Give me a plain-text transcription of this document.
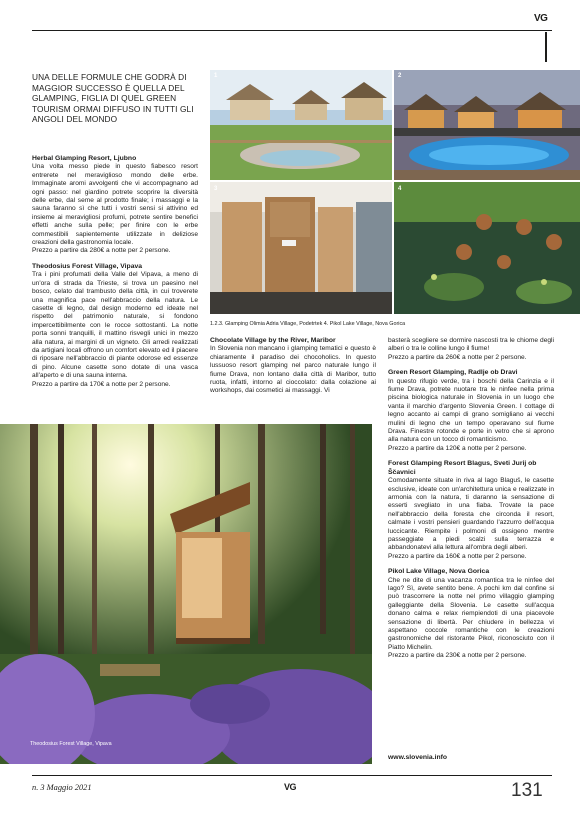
VG
UNA DELLE FORMULE CHE GODRÀ DI MAGGIOR SUCCESSO È QUELLA DEL GLAMPING, FIGLIA DI QUEL GREEN TOURISM ORMAI DIFFUSO IN TUTTI GLI ANGOLI DEL MONDO
Herbal Glamping Resort, Ljubno

Una volta messo piede in questo fiabesco resort entrerete nel meraviglioso mondo delle erbe. Immaginate aromi avvolgenti che vi accompagnano ad ogni passo: nel giardino potrete scoprire la diversità delle erbe, dal seme al prodotto finale; i massaggi e la sauna faranno sì che tutti i vostri sensi si attivino ed insieme ai meravigliosi profumi, potrete sentire benefici effetti anche sulla pelle; per finire con le erbe commestibili sapientemente utilizzate in deliziose creazioni della gastronomia locale.

Prezzo a partire da 280€ a notte per 2 persone.

Theodosius Forest Village, Vipava

Tra i pini profumati della Valle del Vipava, a meno di un'ora di strada da Trieste, si trova un paesino nel bosco, celato dal trambusto della città, in cui troverete una magnifica pace nell'abbraccio della natura. Le casette di legno, dal design moderno ed ideate nel rispetto del patrimonio naturale, si fondono impercettibilmente con le rocce sottostanti. La notte porta sonni tranquilli, il mattino risvegli unici in mezzo alla natura, ai margini di un vigneto. Gli arredi realizzati da artigiani locali offrono un comfort elevato ed il piacere di riposare nell'abbraccio di piante odorose ed essenze di pino. Alcune casette sono dotate di una vasca all'aperto e di una sauna interna.

Prezzo a partire da 170€ a notte per 2 persone.

1	2
3	4
1.2.3. Glamping Olimia Adria Village, Podetrtek 4. Pikol Lake Village, Nova Gorica
Chocolate Village by the River, Maribor

In Slovenia non mancano i glamping tematici e questo è chiaramente il paradiso dei chocoholics. In questo lussuoso resort glamping nel parco naturale lungo il fiume Drava, non lontano dalla città di Maribor, tutto ruota, infatti, intorno al cioccolato: dalla colazione ai workshops, dai cosmetici ai massaggi. Vi

basterà scegliere se dormire nascosti tra le chiome degli alberi o tra le colline lungo il fiume!

Prezzo a partire da 260€ a notte per 2 persone.

Green Resort Glamping, Radlje ob Dravi

In questo rifugio verde, tra i boschi della Carinzia e il fiume Drava, potrete nuotare tra le ninfee nella prima piscina biologica naturale in Slovenia in un luogo che vanta il marchio d'argento Slovenia Green. I cottage di legno accanto ai campi di grano somigliano ai vecchi mulini di legno che un tempo operavano sul fiume Drava. Finestre rotonde e porte in vetro che si aprono alla natura con un tocco di romanticismo.

Prezzo a partire da 120€ a notte per 2 persone.

Forest Glamping Resort Blagus, Sveti Jurij ob Ščavnici

Comodamente situate in riva al lago Blaguš, le casette esclusive, ideate con un'architettura unica e realizzate in armonia con la natura, ti daranno la sensazione di esserti svegliato in una fiaba. Trovate la pace nell'abbraccio della foresta che circonda il resort, calmate i vostri pensieri guardando l'azzurro dell'acqua luccicante. Riempite i polmoni di ossigeno mentre passeggiate a piedi scalzi sulla terrazza e abbandonatevi alla lettura all'ombra degli alberi.

Prezzo a partire da 160€ a notte per 2 persone.

Pikol Lake Village, Nova Gorica

Che ne dite di una vacanza romantica tra le ninfee del lago? Sì, avete sentito bene. A pochi km dal confine si può trascorrere la notte nel primo villaggio glamping galleggiante della Slovenia. Le casette sull'acqua donano calma e relax riempiendoti di una piacevole sensazione di libertà. Per chiudere in bellezza vi aspettano coccole romantiche con le creazioni gastronomiche del ristorante Pikol, riconosciuto con il Piatto Michelin.

Prezzo a partire da 230€ a notte per 2 persone.

Theodosius Forest Village, Vipava
www.slovenia.info
n. 3 Maggio 2021	VG	131
